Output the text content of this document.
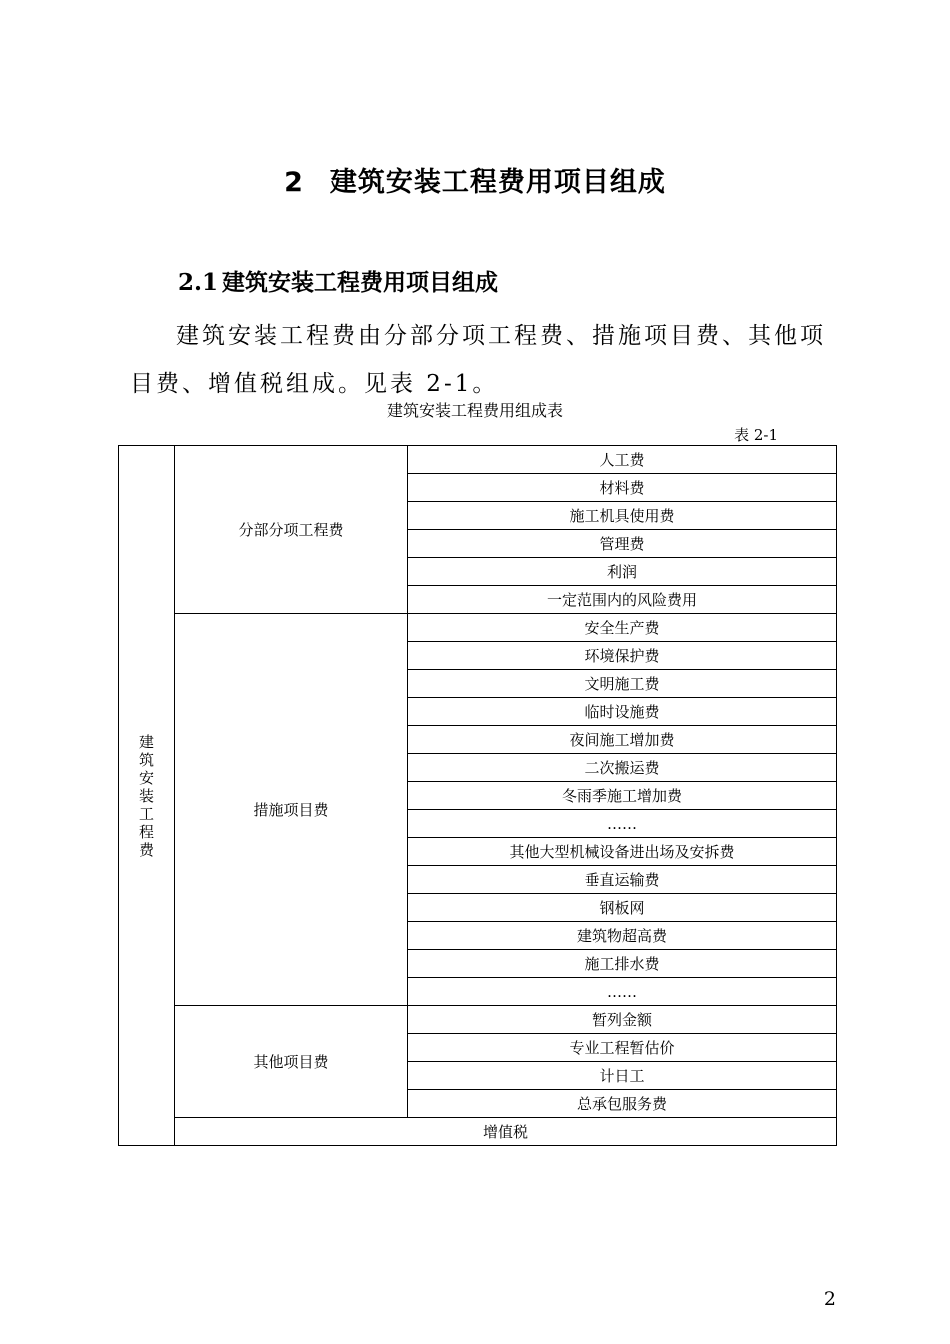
2 建筑安装工程费用项目组成
2.1 建筑安装工程费用项目组成

建筑安装工程费由分部分项工程费、措施项目费、其他项目费、增值税组成。见表 2-1。

建筑安装工程费用组成表
表 2-1
建筑安装工程费	分部分项工程费	人工费
		材料费
		施工机具使用费
		管理费
		利润
		一定范围内的风险费用
	措施项目费	安全生产费
		环境保护费
		文明施工费
		临时设施费
		夜间施工增加费
		二次搬运费
		冬雨季施工增加费
		……
		其他大型机械设备进出场及安拆费
		垂直运输费
		钢板网
		建筑物超高费
		施工排水费
		……
	其他项目费	暂列金额
		专业工程暂估价
		计日工
		总承包服务费
	增值税	
2
